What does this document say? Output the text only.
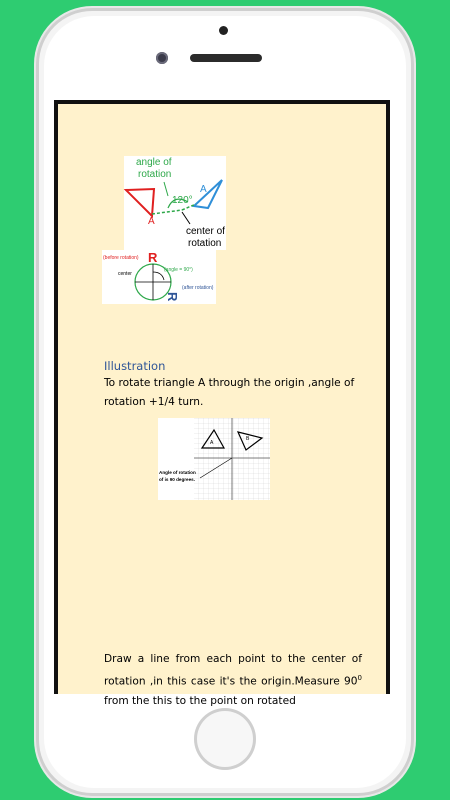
angle of
rotation
120°
A
A
center of
rotation
(before rotation)
center
(angle = 90°)
(after rotation)
R
R
Illustration
To rotate triangle A through the origin ,angle of rotation +1/4 turn.
A
B
Angle of rotation
of is 90 degrees.
Draw a line from each point to the center of rotation ,in this case it's the origin.Measure $90^0$ from the this to the point on rotated
